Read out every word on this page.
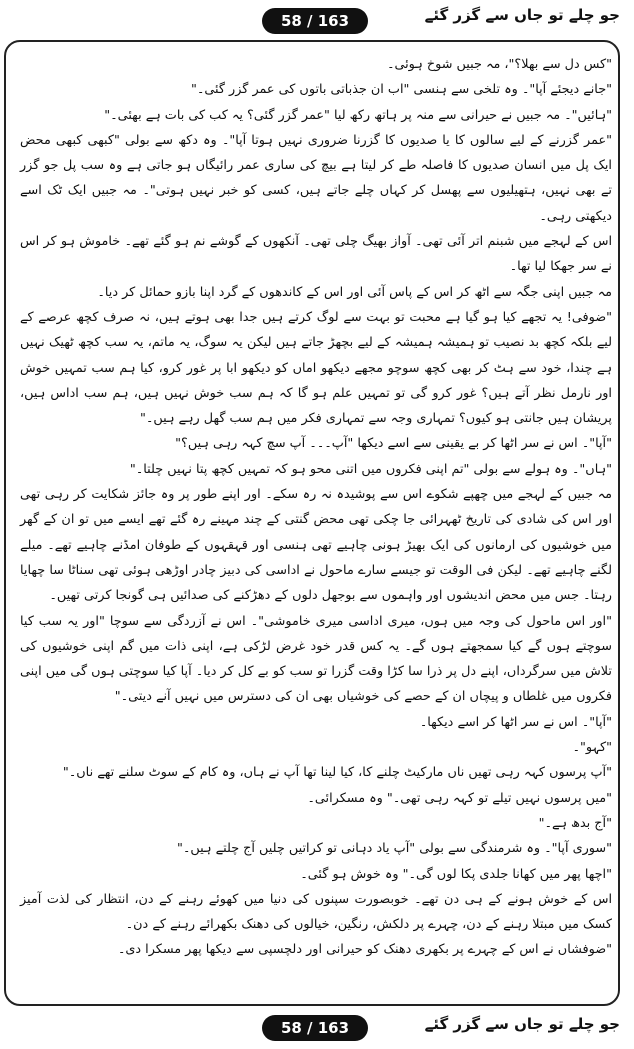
58 / 163	جو چلے تو جاں سے گزر گئے

"کس دل سے بھلا؟"، مہ جبیں شوخ ہوئی۔

"جانے دیجئے آپا"۔ وہ تلخی سے ہنسی "اب ان جذباتی باتوں کی عمر گزر گئی۔"

"ہائیں"۔ مہ جبیں نے حیرانی سے منہ پر ہاتھ رکھ لیا "عمر گزر گئی؟ یہ کب کی بات ہے بھئی۔"

"عمر گزرنے کے لیے سالوں کا یا صدیوں کا گزرنا ضروری نہیں ہوتا آپا"۔ وہ دکھ سے بولی "کبھی کبھی محض ایک پل میں انسان صدیوں کا فاصلہ طے کر لیتا ہے بیچ کی ساری عمر رائیگاں ہو جاتی ہے وہ سب پل جو گزر تے بھی نہیں، ہتھیلیوں سے پھسل کر کہاں چلے جاتے ہیں، کسی کو خبر نہیں ہوتی"۔ مہ جبیں ایک ٹک اسے دیکھتی رہی۔

اس کے لہجے میں شبنم اتر آئی تھی۔ آواز بھیگ چلی تھی۔ آنکھوں کے گوشے نم ہو گئے تھے۔ خاموش ہو کر اس نے سر جھکا لیا تھا۔

مہ جبیں اپنی جگہ سے اٹھ کر اس کے پاس آئی اور اس کے کاندھوں کے گرد اپنا بازو حمائل کر دیا۔

"ضوفی! یہ تجھے کیا ہو گیا ہے محبت تو بہت سے لوگ کرتے ہیں جدا بھی ہوتے ہیں، نہ صرف کچھ عرصے کے لیے بلکہ کچھ بد نصیب تو ہمیشہ ہمیشہ کے لیے بچھڑ جاتے ہیں لیکن یہ سوگ، یہ ماتم، یہ سب کچھ ٹھیک نہیں ہے چندا، خود سے ہٹ کر بھی کچھ سوچو مجھے دیکھو اماں کو دیکھو ابا پر غور کرو، کیا ہم سب تمہیں خوش اور نارمل نظر آتے ہیں؟ غور کرو گی تو تمہیں علم ہو گا کہ ہم سب خوش نہیں ہیں، ہم سب اداس ہیں، پریشان ہیں جانتی ہو کیوں؟ تمہاری وجہ سے تمہاری فکر میں ہم سب گھل رہے ہیں۔"

"آپا"۔ اس نے سر اٹھا کر بے یقینی سے اسے دیکھا "آپ۔۔۔ آپ سچ کہہ رہی ہیں؟"

"ہاں"۔ وہ ہولے سے بولی "تم اپنی فکروں میں اتنی محو ہو کہ تمہیں کچھ پتا نہیں چلتا۔"

مہ جبیں کے لہجے میں چھپے شکوے اس سے پوشیدہ نہ رہ سکے۔ اور اپنے طور پر وہ جائز شکایت کر رہی تھی اور اس کی شادی کی تاریخ ٹھہرائی جا چکی تھی محض گنتی کے چند مہینے رہ گئے تھے ایسے میں تو ان کے گھر میں خوشیوں کی ارمانوں کی ایک بھیڑ ہونی چاہیے تھی ہنسی اور قہقہوں کے طوفان امڈنے چاہیے تھے۔ میلے لگنے چاہیے تھے۔ لیکن فی الوقت تو جیسے سارے ماحول نے اداسی کی دبیز چادر اوڑھی ہوئی تھی سناٹا سا چھایا رہتا۔ جس میں محض اندیشوں اور واہموں سے بوجھل دلوں کے دھڑکنے کی صدائیں ہی گونجا کرتی تھیں۔

"اور اس ماحول کی وجہ میں ہوں، میری اداسی میری خاموشی"۔ اس نے آزردگی سے سوچا "اور یہ سب کیا سوچتے ہوں گے کیا سمجھتے ہوں گے۔ یہ کس قدر خود غرض لڑکی ہے، اپنی ذات میں گم اپنی خوشیوں کی تلاش میں سرگرداں، اپنے دل پر ذرا سا کڑا وقت گزرا تو سب کو بے کل کر دیا۔ آپا کیا سوچتی ہوں گی میں اپنی فکروں میں غلطاں و پیچاں ان کے حصے کی خوشیاں بھی ان کی دسترس میں نہیں آنے دیتی۔"

"آپا"۔ اس نے سر اٹھا کر اسے دیکھا۔

"کہو"۔

"آپ پرسوں کہہ رہی تھیں ناں مارکیٹ چلنے کا، کیا لینا تھا آپ نے ہاں، وہ کام کے سوٹ سلنے تھے ناں۔"

"میں پرسوں نہیں تیلے تو کہہ رہی تھی۔" وہ مسکرائی۔

"آج بدھ ہے۔"

"سوری آپا"۔ وہ شرمندگی سے بولی "آپ یاد دہانی تو کراتیں چلیں آج چلتے ہیں۔"

"اچھا پھر میں کھانا جلدی پکا لوں گی۔" وہ خوش ہو گئی۔

اس کے خوش ہونے کے ہی دن تھے۔ خوبصورت سپنوں کی دنیا میں کھوئے رہنے کے دن، انتظار کی لذت آمیز کسک میں مبتلا رہنے کے دن، چہرے پر دلکش، رنگین، خیالوں کی دھنک بکھرائے رہنے کے دن۔

"ضوفشاں نے اس کے چہرے پر بکھری دھنک کو حیرانی اور دلچسپی سے دیکھا پھر مسکرا دی۔

58 / 163	جو چلے تو جاں سے گزر گئے
